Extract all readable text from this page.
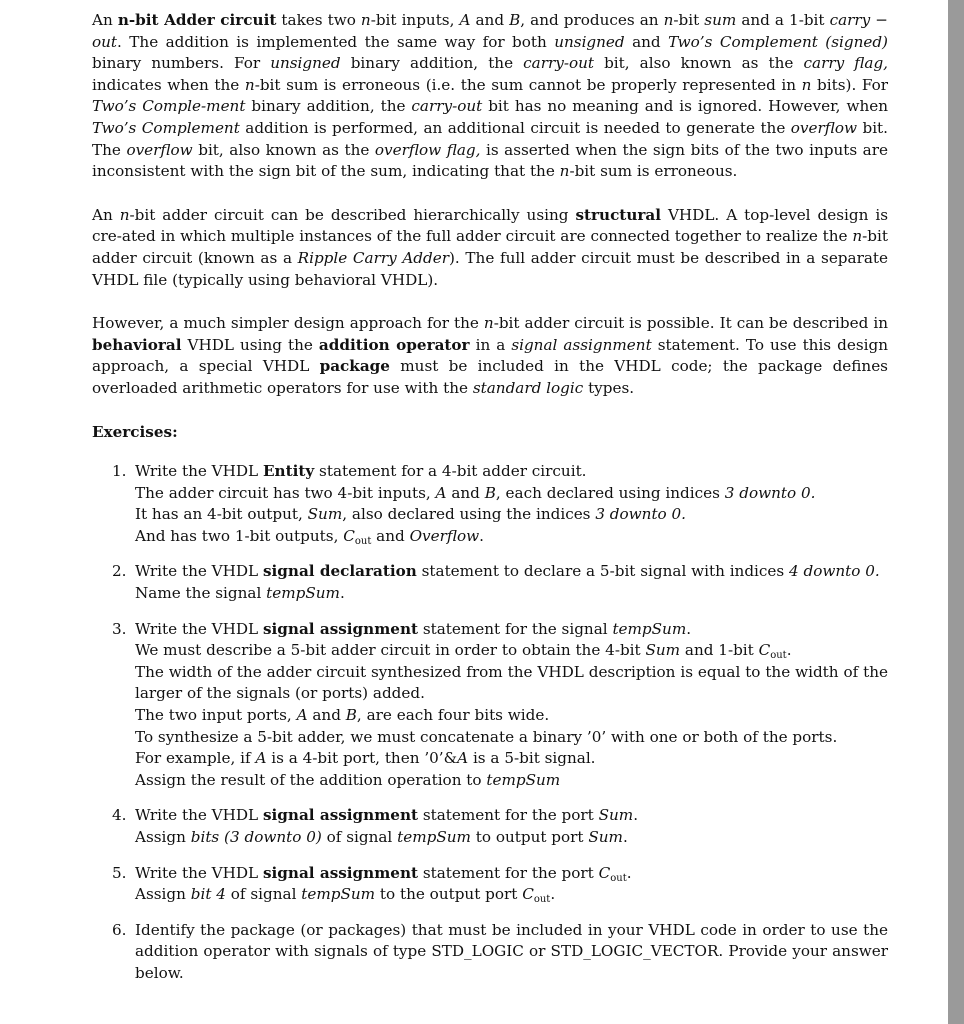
An n-bit Adder circuit takes two n-bit inputs, A and B, and produces an n-bit sum and a 1-bit carry − out. The addition is implemented the same way for both unsigned and Two’s Complement (signed) binary numbers. For unsigned binary addition, the carry-out bit, also known as the carry flag, indicates when the n-bit sum is erroneous (i.e. the sum cannot be properly represented in n bits). For Two’s Comple-ment binary addition, the carry-out bit has no meaning and is ignored. However, when Two’s Complement addition is performed, an additional circuit is needed to generate the overflow bit. The overflow bit, also known as the overflow flag, is asserted when the sign bits of the two inputs are inconsistent with the sign bit of the sum, indicating that the n-bit sum is erroneous.

An n-bit adder circuit can be described hierarchically using structural VHDL. A top-level design is cre-ated in which multiple instances of the full adder circuit are connected together to realize the n-bit adder circuit (known as a Ripple Carry Adder). The full adder circuit must be described in a separate VHDL file (typically using behavioral VHDL).

However, a much simpler design approach for the n-bit adder circuit is possible. It can be described in behavioral VHDL using the addition operator in a signal assignment statement. To use this design approach, a special VHDL package must be included in the VHDL code; the package defines overloaded arithmetic operators for use with the standard logic types.

Exercises:
1. Write the VHDL Entity statement for a 4-bit adder circuit.
The adder circuit has two 4-bit inputs, A and B, each declared using indices 3 downto 0.
It has an 4-bit output, Sum, also declared using the indices 3 downto 0.
And has two 1-bit outputs, $C_{out}$ and Overflow.
2. Write the VHDL signal declaration statement to declare a 5-bit signal with indices 4 downto 0.
Name the signal tempSum.
3. Write the VHDL signal assignment statement for the signal tempSum.
We must describe a 5-bit adder circuit in order to obtain the 4-bit Sum and 1-bit $C_{out}$.
The width of the adder circuit synthesized from the VHDL description is equal to the width of the larger of the signals (or ports) added.
The two input ports, A and B, are each four bits wide.
To synthesize a 5-bit adder, we must concatenate a binary ’0’ with one or both of the ports.
For example, if A is a 4-bit port, then ’0’&A is a 5-bit signal.
Assign the result of the addition operation to tempSum
4. Write the VHDL signal assignment statement for the port Sum.
Assign bits (3 downto 0) of signal tempSum to output port Sum.
5. Write the VHDL signal assignment statement for the port $C_{out}$.
Assign bit 4 of signal tempSum to the output port $C_{out}$.
6. Identify the package (or packages) that must be included in your VHDL code in order to use the addition operator with signals of type STD_LOGIC or STD_LOGIC_VECTOR. Provide your answer below.
